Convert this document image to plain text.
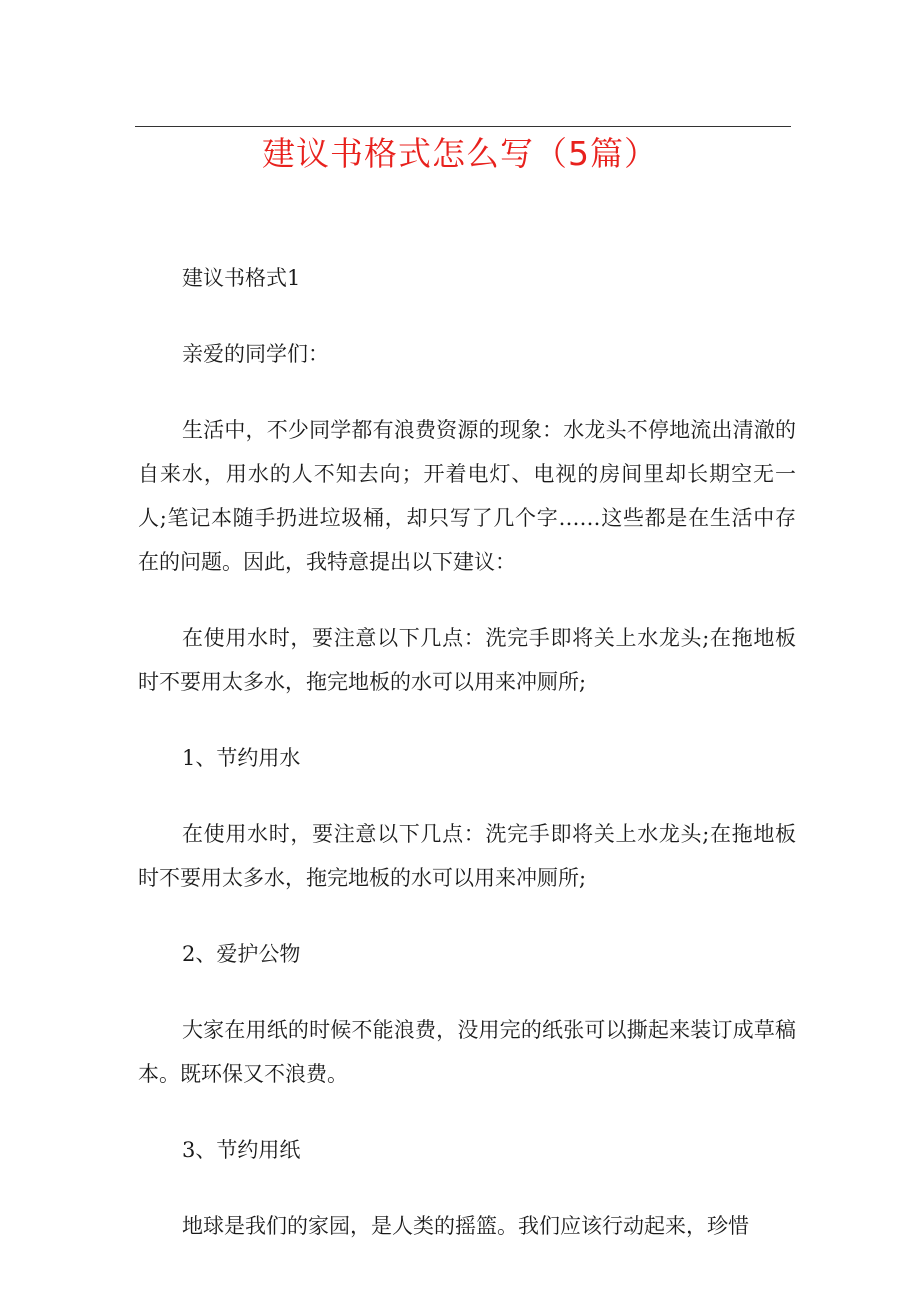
建议书格式怎么写（5篇）

建议书格式1

亲爱的同学们：

生活中，不少同学都有浪费资源的现象：水龙头不停地流出清澈的自来水，用水的人不知去向；开着电灯、电视的房间里却长期空无一人;笔记本随手扔进垃圾桶，却只写了几个字……这些都是在生活中存在的问题。因此，我特意提出以下建议：

在使用水时，要注意以下几点：洗完手即将关上水龙头;在拖地板时不要用太多水，拖完地板的水可以用来冲厕所;

1、节约用水

在使用水时，要注意以下几点：洗完手即将关上水龙头;在拖地板时不要用太多水，拖完地板的水可以用来冲厕所;

2、爱护公物

大家在用纸的时候不能浪费，没用完的纸张可以撕起来装订成草稿本。既环保又不浪费。

3、节约用纸

地球是我们的家园，是人类的摇篮。我们应该行动起来，珍惜
